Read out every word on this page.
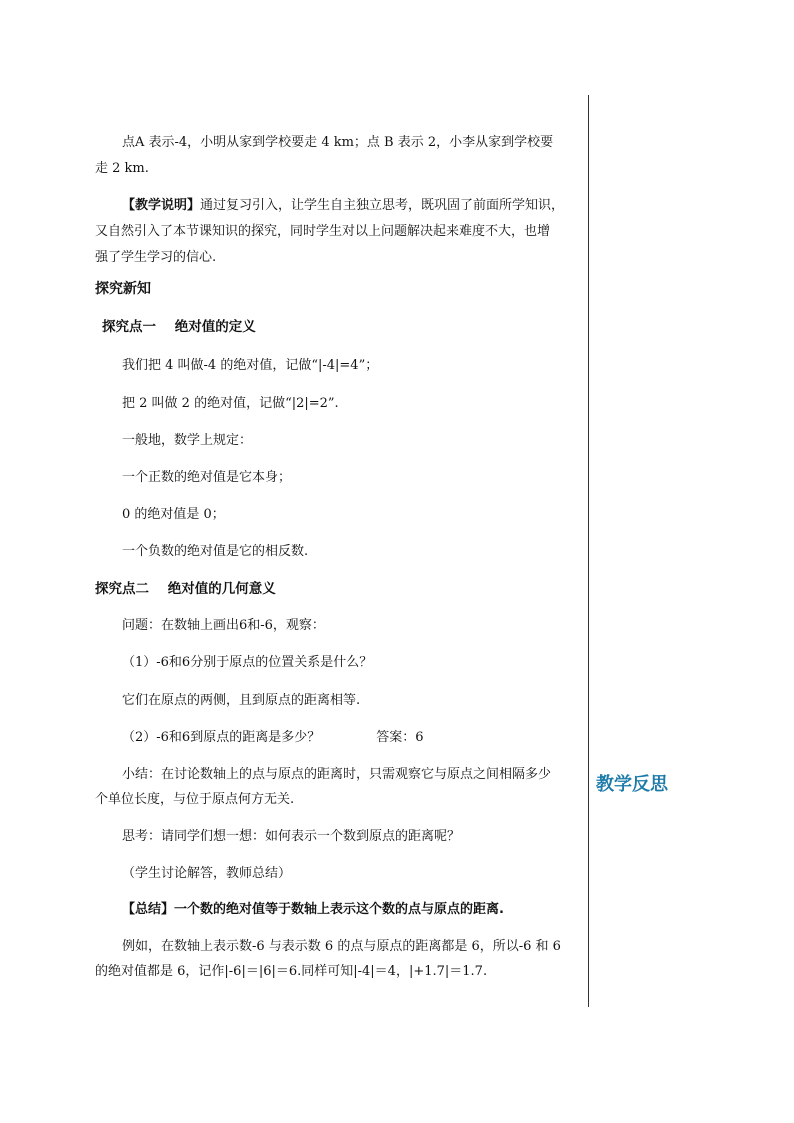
点A 表示-4，小明从家到学校要走 4 km；点 B 表示 2，小李从家到学校要
走 2 km.
【教学说明】通过复习引入，让学生自主独立思考，既巩固了前面所学知识，
又自然引入了本节课知识的探究，同时学生对以上问题解决起来难度不大，也增
强了学生学习的信心.
探究新知
探究点一    绝对值的定义
我们把 4 叫做-4 的绝对值，记做“|-4|=4”；
把 2 叫做 2 的绝对值，记做“|2|=2”.
一般地，数学上规定：
一个正数的绝对值是它本身；
0 的绝对值是 0；
一个负数的绝对值是它的相反数.
探究点二    绝对值的几何意义
问题：在数轴上画出6和-6，观察：
（1）-6和6分别于原点的位置关系是什么？
它们在原点的两侧，且到原点的距离相等.
（2）-6和6到原点的距离是多少？	答案：6
小结：在讨论数轴上的点与原点的距离时，只需观察它与原点之间相隔多少
个单位长度，与位于原点何方无关.
思考：请同学们想一想：如何表示一个数到原点的距离呢？
（学生讨论解答，教师总结）
【总结】一个数的绝对值等于数轴上表示这个数的点与原点的距离.
例如，在数轴上表示数-6 与表示数 6 的点与原点的距离都是 6，所以-6 和 6
的绝对值都是 6，记作|-6|＝|6|＝6.同样可知|-4|＝4，|+1.7|＝1.7.
教学反思
